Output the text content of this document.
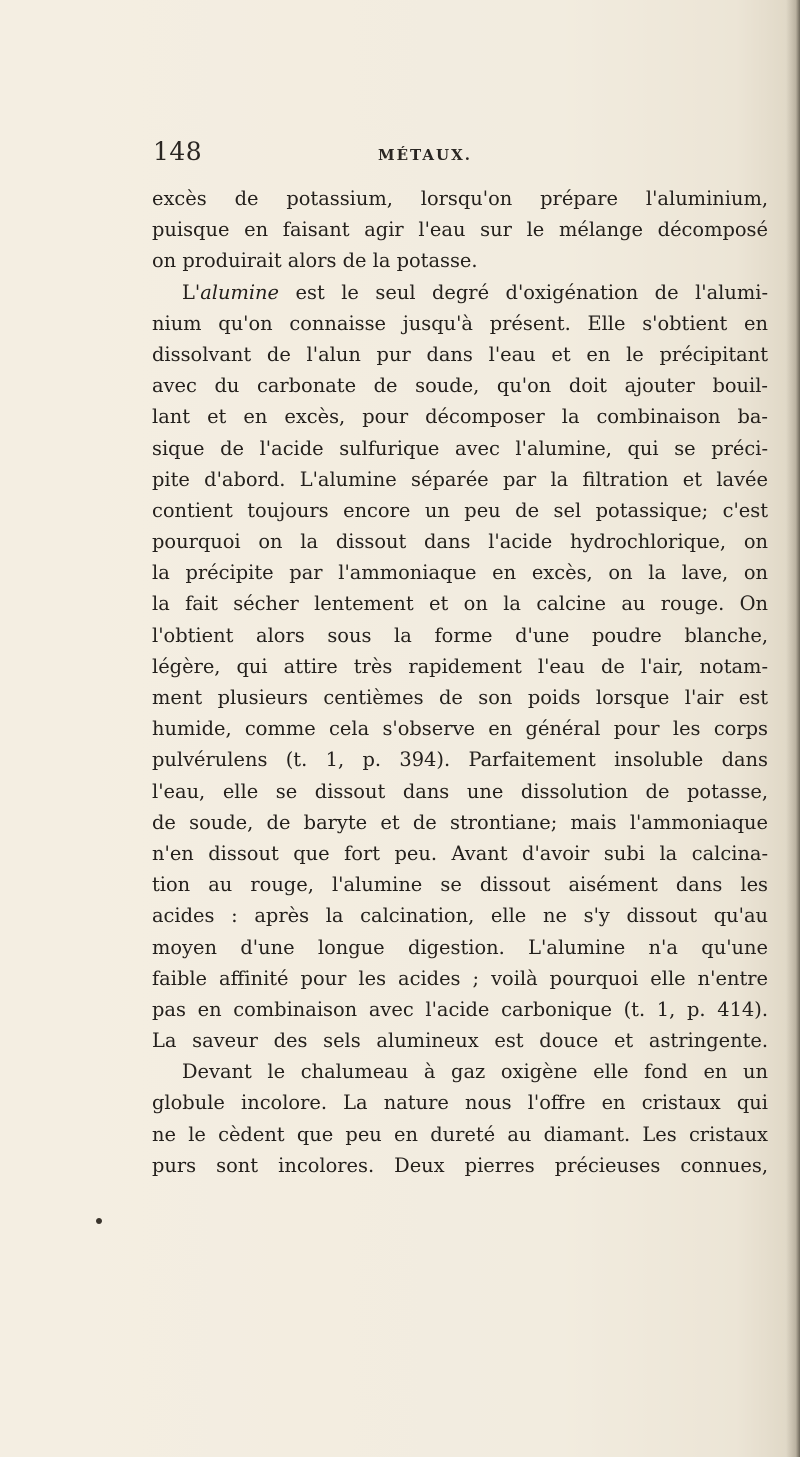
148	MÉTAUX.
excès de potassium, lorsqu'on prépare l'aluminium,
puisque en faisant agir l'eau sur le mélange décomposé
on produirait alors de la potasse.
L'alumine est le seul degré d'oxigénation de l'alumi-
nium qu'on connaisse jusqu'à présent. Elle s'obtient en
dissolvant de l'alun pur dans l'eau et en le précipitant
avec du carbonate de soude, qu'on doit ajouter bouil-
lant et en excès, pour décomposer la combinaison ba-
sique de l'acide sulfurique avec l'alumine, qui se préci-
pite d'abord. L'alumine séparée par la filtration et lavée
contient toujours encore un peu de sel potassique; c'est
pourquoi on la dissout dans l'acide hydrochlorique, on
la précipite par l'ammoniaque en excès, on la lave, on
la fait sécher lentement et on la calcine au rouge. On
l'obtient alors sous la forme d'une poudre blanche,
légère, qui attire très rapidement l'eau de l'air, notam-
ment plusieurs centièmes de son poids lorsque l'air est
humide, comme cela s'observe en général pour les corps
pulvérulens (t. 1, p. 394). Parfaitement insoluble dans
l'eau, elle se dissout dans une dissolution de potasse,
de soude, de baryte et de strontiane; mais l'ammoniaque
n'en dissout que fort peu. Avant d'avoir subi la calcina-
tion au rouge, l'alumine se dissout aisément dans les
acides : après la calcination, elle ne s'y dissout qu'au
moyen d'une longue digestion. L'alumine n'a qu'une
faible affinité pour les acides ; voilà pourquoi elle n'entre
pas en combinaison avec l'acide carbonique (t. 1, p. 414).
La saveur des sels alumineux est douce et astringente.
Devant le chalumeau à gaz oxigène elle fond en un
globule incolore. La nature nous l'offre en cristaux qui
ne le cèdent que peu en dureté au diamant. Les cristaux
purs sont incolores. Deux pierres précieuses connues,
